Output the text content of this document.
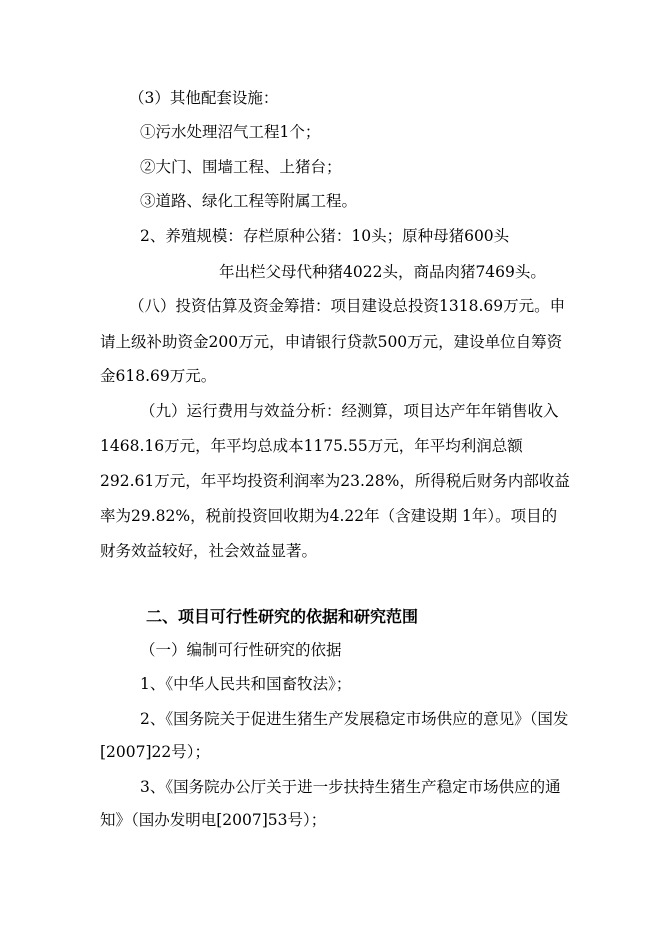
（3）其他配套设施：
①污水处理沼气工程1个；
②大门、围墙工程、上猪台；
③道路、绿化工程等附属工程。
2、养殖规模：存栏原种公猪：10头；原种母猪600头
年出栏父母代种猪4022头，商品肉猪7469头。
（八）投资估算及资金筹措：项目建设总投资1318.69万元。申
请上级补助资金200万元，申请银行贷款500万元，建设单位自筹资
金618.69万元。
（九）运行费用与效益分析：经测算，项目达产年年销售收入
1468.16万元，年平均总成本1175.55万元，年平均利润总额
292.61万元，年平均投资利润率为23.28%，所得税后财务内部收益
率为29.82%，税前投资回收期为4.22年（含建设期 1年）。项目的
财务效益较好，社会效益显著。
二、项目可行性研究的依据和研究范围
（一）编制可行性研究的依据
1、《中华人民共和国畜牧法》；
2、《国务院关于促进生猪生产发展稳定市场供应的意见》（国发
[2007]22号）；
3、《国务院办公厅关于进一步扶持生猪生产稳定市场供应的通
知》（国办发明电[2007]53号）；
